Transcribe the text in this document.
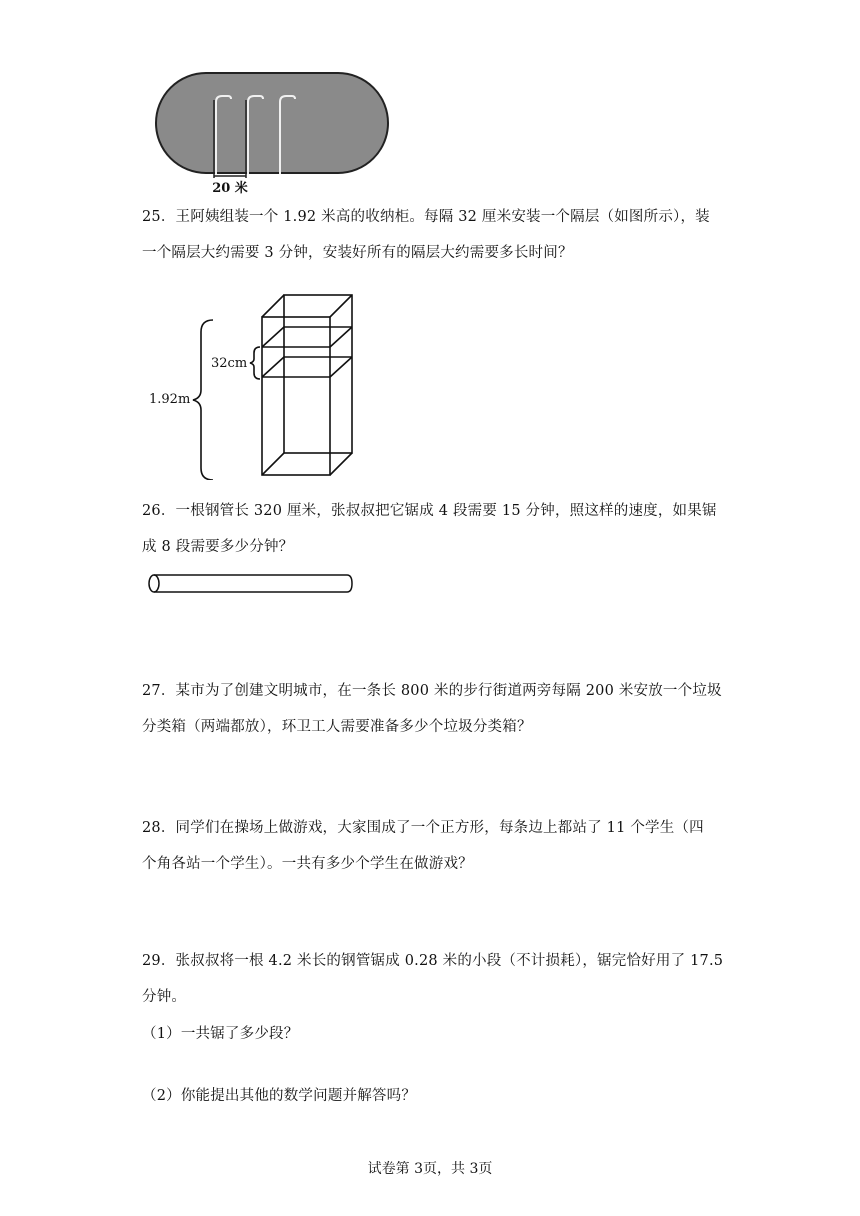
20 米

25．王阿姨组装一个 1.92 米高的收纳柜。每隔 32 厘米安装一个隔层（如图所示），装

一个隔层大约需要 3 分钟，安装好所有的隔层大约需要多长时间？

1.92m
32cm

26．一根钢管长 320 厘米，张叔叔把它锯成 4 段需要 15 分钟，照这样的速度，如果锯

成 8 段需要多少分钟？

27．某市为了创建文明城市，在一条长 800 米的步行街道两旁每隔 200 米安放一个垃圾

分类箱（两端都放），环卫工人需要准备多少个垃圾分类箱？

28．同学们在操场上做游戏，大家围成了一个正方形，每条边上都站了 11 个学生（四

个角各站一个学生）。一共有多少个学生在做游戏？

29．张叔叔将一根 4.2 米长的钢管锯成 0.28 米的小段（不计损耗），锯完恰好用了 17.5

分钟。

（1）一共锯了多少段？
（2）你能提出其他的数学问题并解答吗？
试卷第 3页，共 3页
